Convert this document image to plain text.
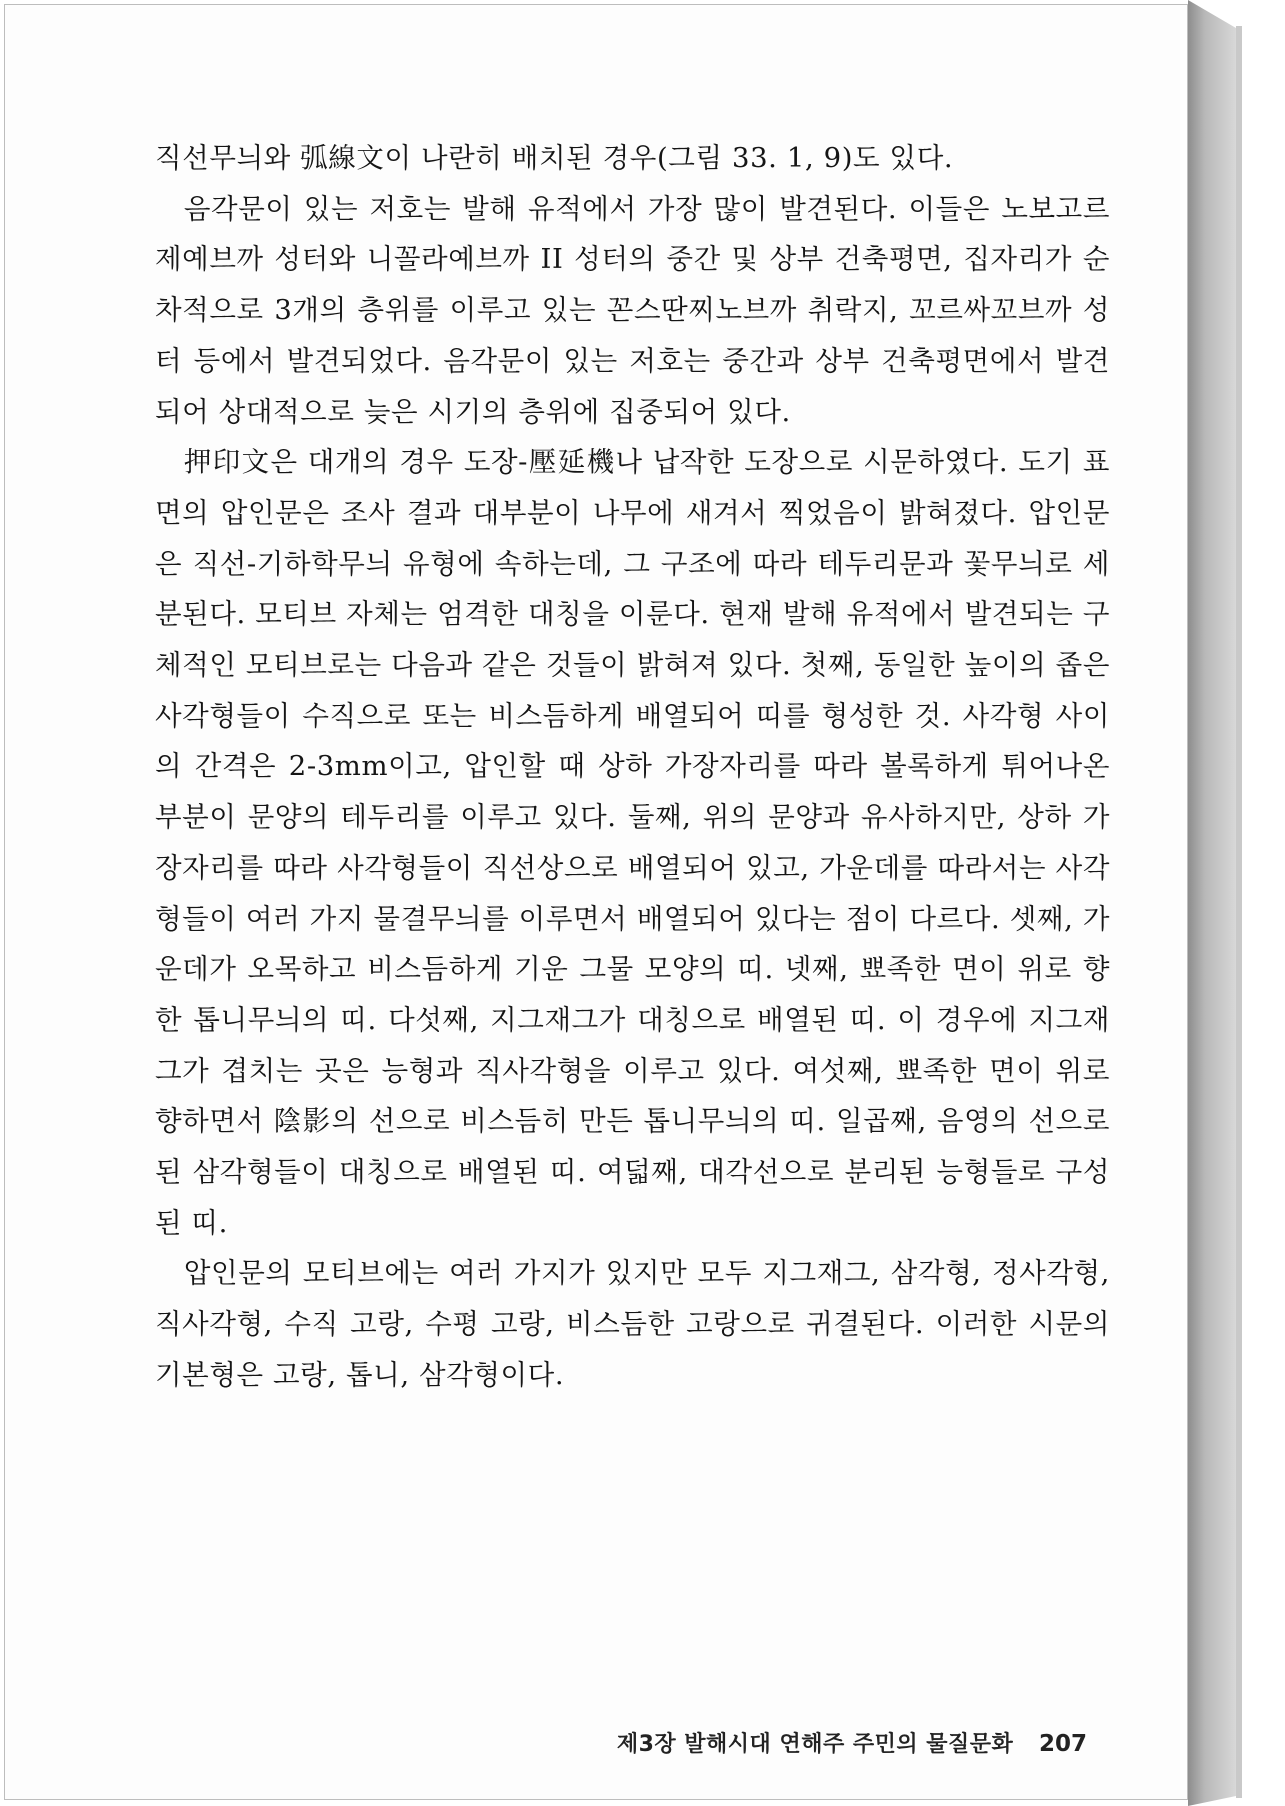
직선무늬와 弧線文이 나란히 배치된 경우(그림 33. 1, 9)도 있다.

음각문이 있는 저호는 발해 유적에서 가장 많이 발견된다. 이들은 노보고르제예브까 성터와 니꼴라예브까 II 성터의 중간 및 상부 건축평면, 집자리가 순차적으로 3개의 층위를 이루고 있는 꼰스딴찌노브까 취락지, 꼬르싸꼬브까 성터 등에서 발견되었다. 음각문이 있는 저호는 중간과 상부 건축평면에서 발견되어 상대적으로 늦은 시기의 층위에 집중되어 있다.

押印文은 대개의 경우 도장-壓延機나 납작한 도장으로 시문하였다. 도기 표면의 압인문은 조사 결과 대부분이 나무에 새겨서 찍었음이 밝혀졌다. 압인문은 직선-기하학무늬 유형에 속하는데, 그 구조에 따라 테두리문과 꽃무늬로 세분된다. 모티브 자체는 엄격한 대칭을 이룬다. 현재 발해 유적에서 발견되는 구체적인 모티브로는 다음과 같은 것들이 밝혀져 있다. 첫째, 동일한 높이의 좁은 사각형들이 수직으로 또는 비스듬하게 배열되어 띠를 형성한 것. 사각형 사이의 간격은 2-3mm이고, 압인할 때 상하 가장자리를 따라 볼록하게 튀어나온 부분이 문양의 테두리를 이루고 있다. 둘째, 위의 문양과 유사하지만, 상하 가장자리를 따라 사각형들이 직선상으로 배열되어 있고, 가운데를 따라서는 사각형들이 여러 가지 물결무늬를 이루면서 배열되어 있다는 점이 다르다. 셋째, 가운데가 오목하고 비스듬하게 기운 그물 모양의 띠. 넷째, 뾰족한 면이 위로 향한 톱니무늬의 띠. 다섯째, 지그재그가 대칭으로 배열된 띠. 이 경우에 지그재그가 겹치는 곳은 능형과 직사각형을 이루고 있다. 여섯째, 뾰족한 면이 위로 향하면서 陰影의 선으로 비스듬히 만든 톱니무늬의 띠. 일곱째, 음영의 선으로 된 삼각형들이 대칭으로 배열된 띠. 여덟째, 대각선으로 분리된 능형들로 구성된 띠.

압인문의 모티브에는 여러 가지가 있지만 모두 지그재그, 삼각형, 정사각형, 직사각형, 수직 고랑, 수평 고랑, 비스듬한 고랑으로 귀결된다. 이러한 시문의 기본형은 고랑, 톱니, 삼각형이다.

제3장 발해시대 연해주 주민의 물질문화 207
